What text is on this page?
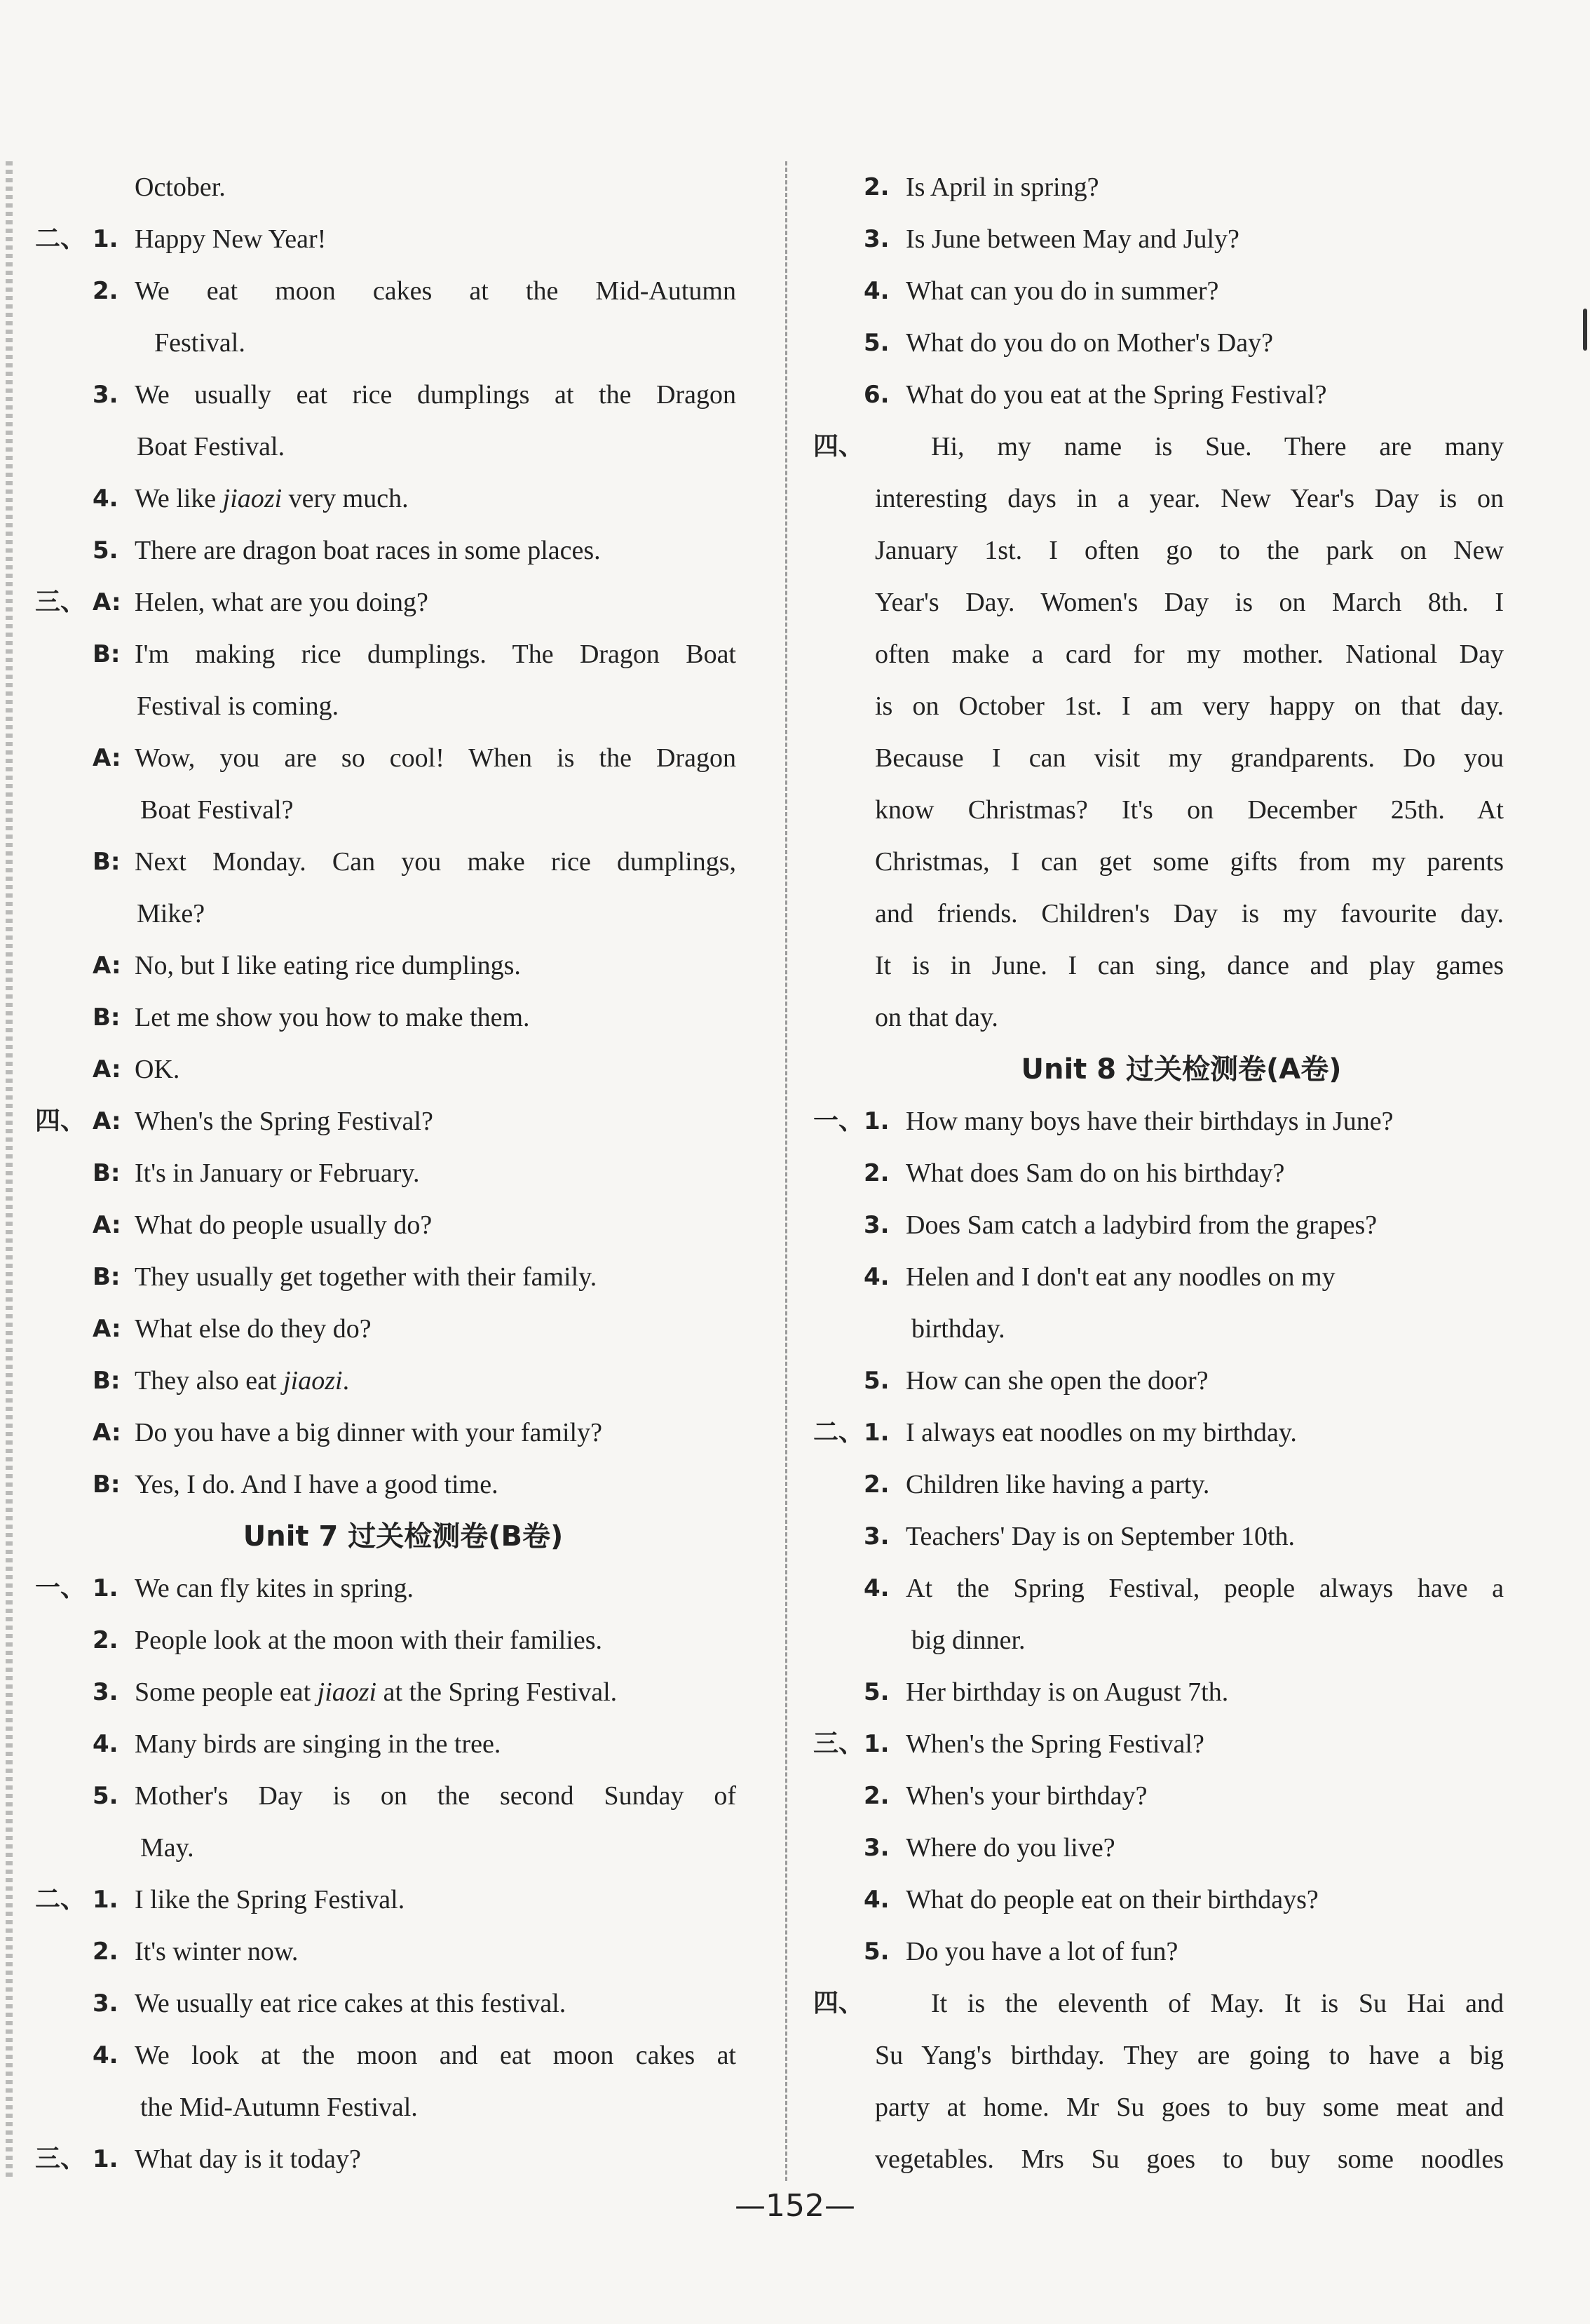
October.
二、 1. Happy New Year!
2. We eat moon cakes at the Mid-Autumn
Festival.
3. We usually eat rice dumplings at the Dragon
Boat Festival.
4. We like jiaozi very much.
5. There are dragon boat races in some places.
三、 A: Helen, what are you doing?
B: I'm making rice dumplings. The Dragon Boat
Festival is coming.
A: Wow, you are so cool! When is the Dragon
Boat Festival?
B: Next Monday. Can you make rice dumplings,
Mike?
A: No, but I like eating rice dumplings.
B: Let me show you how to make them.
A: OK.
四、 A: When's the Spring Festival?
B: It's in January or February.
A: What do people usually do?
B: They usually get together with their family.
A: What else do they do?
B: They also eat jiaozi.
A: Do you have a big dinner with your family?
B: Yes, I do. And I have a good time.
Unit 7 过关检测卷(B卷)
一、 1. We can fly kites in spring.
2. People look at the moon with their families.
3. Some people eat jiaozi at the Spring Festival.
4. Many birds are singing in the tree.
5. Mother's Day is on the second Sunday of
May.
二、 1. I like the Spring Festival.
2. It's winter now.
3. We usually eat rice cakes at this festival.
4. We look at the moon and eat moon cakes at
the Mid-Autumn Festival.
三、 1. What day is it today?
2. Is April in spring?
3. Is June between May and July?
4. What can you do in summer?
5. What do you do on Mother's Day?
6. What do you eat at the Spring Festival?
四、	Hi, my name is Sue. There are many
interesting days in a year. New Year's Day is on
January 1st. I often go to the park on New
Year's Day. Women's Day is on March 8th. I
often make a card for my mother. National Day
is on October 1st. I am very happy on that day.
Because I can visit my grandparents. Do you
know Christmas? It's on December 25th. At
Christmas, I can get some gifts from my parents
and friends. Children's Day is my favourite day.
It is in June. I can sing, dance and play games
on that day.
Unit 8 过关检测卷(A卷)
一、 1. How many boys have their birthdays in June?
2. What does Sam do on his birthday?
3. Does Sam catch a ladybird from the grapes?
4. Helen and I don't eat any noodles on my
birthday.
5. How can she open the door?
二、 1. I always eat noodles on my birthday.
2. Children like having a party.
3. Teachers' Day is on September 10th.
4. At the Spring Festival, people always have a
big dinner.
5. Her birthday is on August 7th.
三、 1. When's the Spring Festival?
2. When's your birthday?
3. Where do you live?
4. What do people eat on their birthdays?
5. Do you have a lot of fun?
四、	It is the eleventh of May. It is Su Hai and
Su Yang's birthday. They are going to have a big
party at home. Mr Su goes to buy some meat and
vegetables. Mrs Su goes to buy some noodles
—152—
